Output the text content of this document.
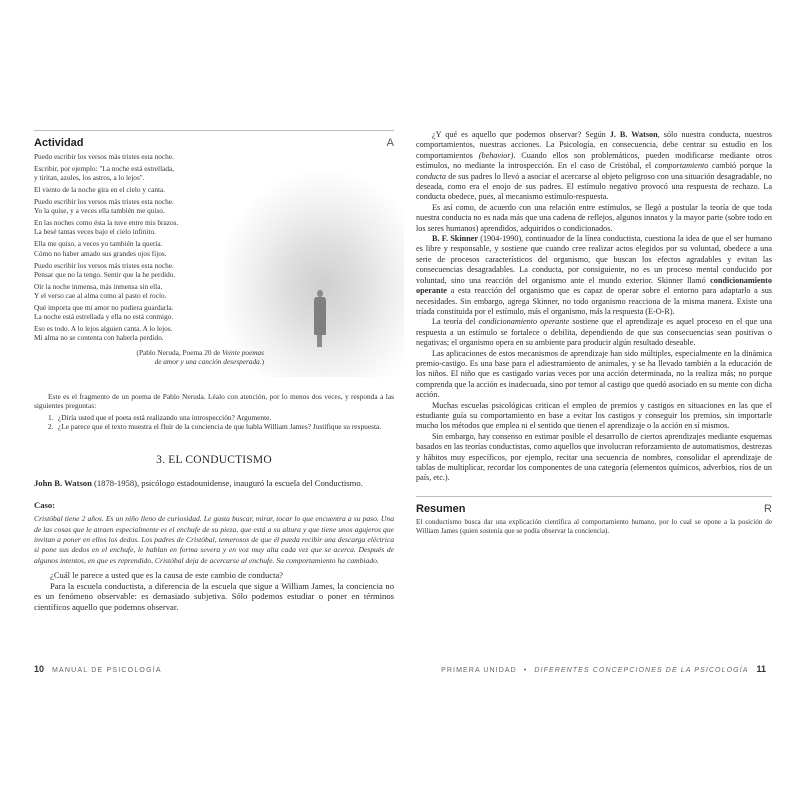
Actividad	A
Puedo escribir los versos más tristes esta noche.
Escribir, por ejemplo: "La noche está estrellada,
y tiritan, azules, los astros, a lo lejos".
El viento de la noche gira en el cielo y canta.
Puedo escribir los versos más tristes esta noche.
Yo la quise, y a veces ella también me quiso.
En las noches como ésta la tuve entre mis brazos.
La besé tantas veces bajo el cielo infinito.
Ella me quiso, a veces yo también la quería.
Cómo no haber amado sus grandes ojos fijos.
Puedo escribir los versos más tristes esta noche.
Pensar que no la tengo. Sentir que la he perdido.
Oír la noche inmensa, más inmensa sin ella.
Y el verso cae al alma como al pasto el rocío.
Qué importa que mi amor no pudiera guardarla.
La noche está estrellada y ella no está conmigo.
Eso es todo. A lo lejos alguien canta. A lo lejos.
Mi alma no se contenta con haberla perdido.
(Pablo Neruda, Poema 20 de Veinte poemas
de amor y una canción desesperada.)
Este es el fragmento de un poema de Pablo Neruda. Léalo con atención, por lo menos dos veces, y responda a las siguientes preguntas:
1. ¿Diría usted que el poeta está realizando una introspección? Argumente.
2. ¿Le parece que el texto muestra el fluir de la conciencia de que habla William James? Justifique su respuesta.
3. EL CONDUCTISMO
John B. Watson (1878-1958), psicólogo estadounidense, inauguró la escuela del Conductismo.
Caso:
Cristóbal tiene 2 años. Es un niño lleno de curiosidad. Le gusta buscar, mirar, tocar lo que encuentra a su paso. Una de las cosas que le atraen especialmente es el enchufe de su pieza, que está a su altura y que tiene unos agujeros que invitan a poner en ellos los dedos. Los padres de Cristóbal, temerosos de que él pueda recibir una descarga eléctrica si pone sus dedos en el enchufe, le hablan en forma severa y en voz muy alta cada vez que se acerca. Después de algunos intentos, en que es reprendido, Cristóbal deja de acercarse al enchufe. Su comportamiento ha cambiado.
¿Cuál le parece a usted que es la causa de este cambio de conducta?
Para la escuela conductista, a diferencia de la escuela que sigue a William James, la conciencia no es un fenómeno observable: es demasiado subjetiva. Sólo podemos estudiar o poner en términos científicos aquello que podemos observar.
10 MANUAL DE PSICOLOGÍA

¿Y qué es aquello que podemos observar? Según J. B. Watson, sólo nuestra conducta, nuestros comportamientos, nuestras acciones. La Psicología, en consecuencia, debe centrar su estudio en los comportamientos (behavior). Cuando ellos son problemáticos, pueden modificarse mediante otros estímulos, no mediante la introspección. En el caso de Cristóbal, el comportamiento cambió porque la conducta de sus padres lo llevó a asociar el acercarse al objeto peligroso con una situación desagradable, no deseada, como era el enojo de sus padres. El estímulo negativo provocó una respuesta de rechazo. La conducta obedece, pues, al mecanismo estímulo-respuesta.

Es así como, de acuerdo con una relación entre estímulos, se llegó a postular la teoría de que toda nuestra conducta no es nada más que una cadena de reflejos, algunos innatos y la mayor parte (sobre todo en los seres humanos) aprendidos, adquiridos o condicionados.

B. F. Skinner (1904-1990), continuador de la línea conductista, cuestiona la idea de que el ser humano es libre y responsable, y sostiene que cuando cree realizar actos elegidos por su voluntad, obedece a una serie de procesos característicos del organismo, que buscan los efectos agradables y evitan las consecuencias desagradables. La conducta, por consiguiente, no es un proceso mental conducido por voluntad, sino una reacción del organismo ante el mundo exterior. Skinner llamó condicionamiento operante a esta reacción del organismo que es capaz de operar sobre el entorno para adaptarlo a sus necesidades. Sin embargo, agrega Skinner, no todo organismo reacciona de la misma manera. Existe una tríada constituida por el estímulo, más el organismo, más la respuesta (E-O-R).

La teoría del condicionamiento operante sostiene que el aprendizaje es aquel proceso en el que una respuesta a un estímulo se fortalece o debilita, dependiendo de que sus consecuencias sean positivas o negativas; el organismo opera en su ambiente para producir algún resultado deseable.

Las aplicaciones de estos mecanismos de aprendizaje han sido múltiples, especialmente en la dinámica premio-castigo. Es una base para el adiestramiento de animales, y se ha llevado también a la educación de los niños. El niño que es castigado varias veces por una acción determinada, no la realiza más; no porque comprenda que la acción es inadecuada, sino por temor al castigo que quedó asociado en su mente con dicha acción.

Muchas escuelas psicológicas critican el empleo de premios y castigos en situaciones en las que el estudiante guía su comportamiento en base a evitar los castigos y conseguir los premios, sin importarle mucho los métodos que emplea ni el sentido que tienen el aprendizaje o la acción en sí mismos.

Sin embargo, hay consenso en estimar posible el desarrollo de ciertos aprendizajes mediante esquemas basados en las teorías conductistas, como aquellos que involucran reforzamiento de automatismos, destrezas y hábitos muy específicos, por ejemplo, recitar una secuencia de nombres, consolidar el aprendizaje de tablas de multiplicar, recordar los componentes de una categoría (elementos químicos, adverbios, ríos de un país, etc.).

Resumen	R
El conductismo busca dar una explicación científica al comportamiento humano, por lo cual se opone a la posición de William James (quien sostenía que se podía observar la conciencia).
PRIMERA UNIDAD • DIFERENTES CONCEPCIONES DE LA PSICOLOGÍA 11
